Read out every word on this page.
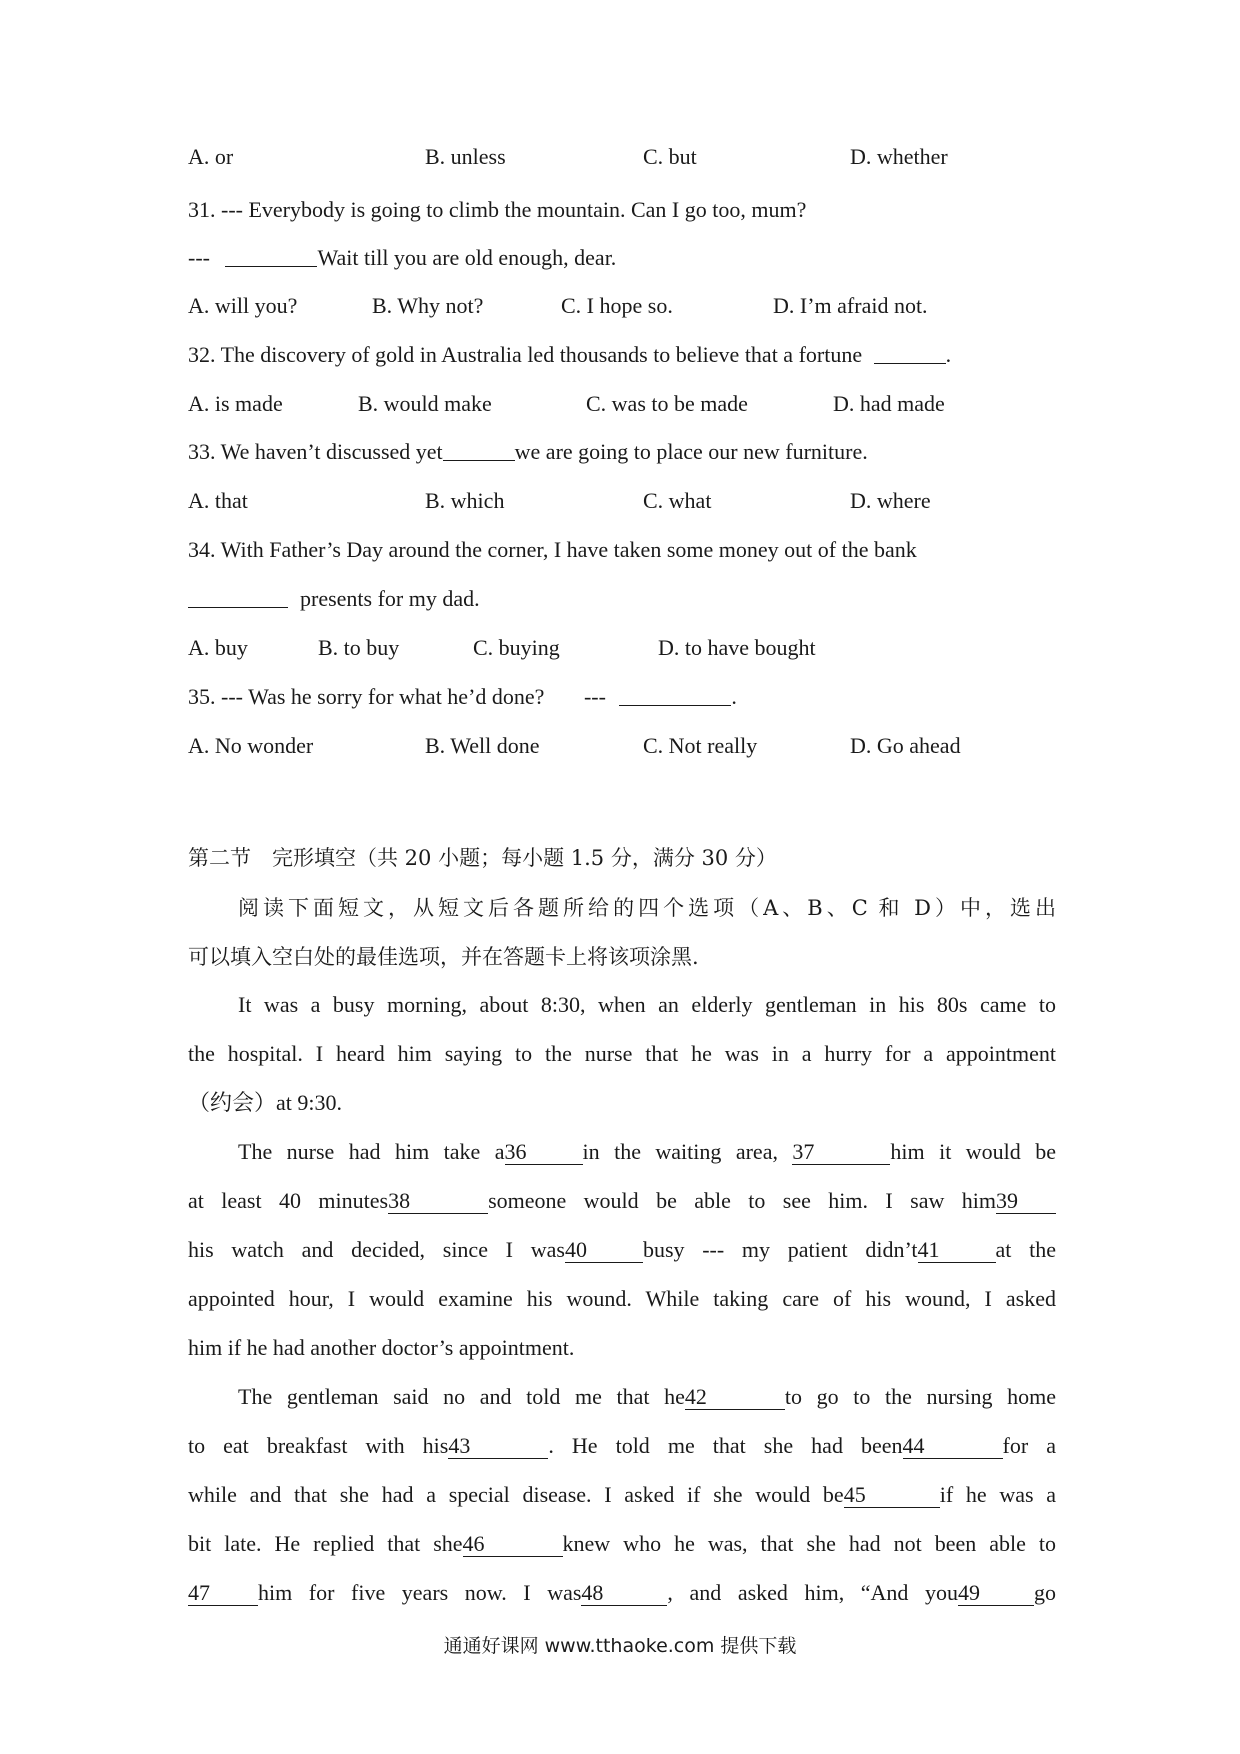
A. or	B. unless	C. but	D. whether
31. --- Everybody is going to climb the mountain. Can I go too, mum?
---	Wait till you are old enough, dear.
A. will you?	B. Why not?	C. I hope so.	D. I’m afraid not.
32. The discovery of gold in Australia led thousands to believe that a fortune	.
A. is made	B. would make	C. was to be made	D. had made
33. We haven’t discussed yet	we are going to place our new furniture.
A. that	B. which	C. what	D. where
34. With Father’s Day around the corner, I have taken some money out of the bank
presents for my dad.
A. buy	B. to buy	C. buying	D. to have bought
35. --- Was he sorry for what he’d done? ---	.
A. No wonder	B. Well done	C. Not really	D. Go ahead
第二节　完形填空（共 20 小题；每小题 1.5 分，满分 30 分）
阅读下面短文，从短文后各题所给的四个选项（A、B、C 和 D）中，选出
可以填入空白处的最佳选项，并在答题卡上将该项涂黑.
It was a busy morning, about 8:30, when an elderly gentleman in his 80s came to
the hospital. I heard him saying to the nurse that he was in a hurry for a appointment
（约会）at 9:30.
The nurse had him take a36	in the waiting area, 37	him it would be
at least 40 minutes38	someone would be able to see him. I saw him39
his watch and decided, since I was40	busy --- my patient didn’t41	at the
appointed hour, I would examine his wound. While taking care of his wound, I asked
him if he had another doctor’s appointment.
The gentleman said no and told me that he42	to go to the nursing home
to eat breakfast with his43	. He told me that she had been44	for a
while and that she had a special disease. I asked if she would be45	if he was a
bit late. He replied that she46	knew who he was, that she had not been able to
47 him for five years now. I was48	, and asked him, “And you49 go
通通好课网 www.tthaoke.com 提供下载
